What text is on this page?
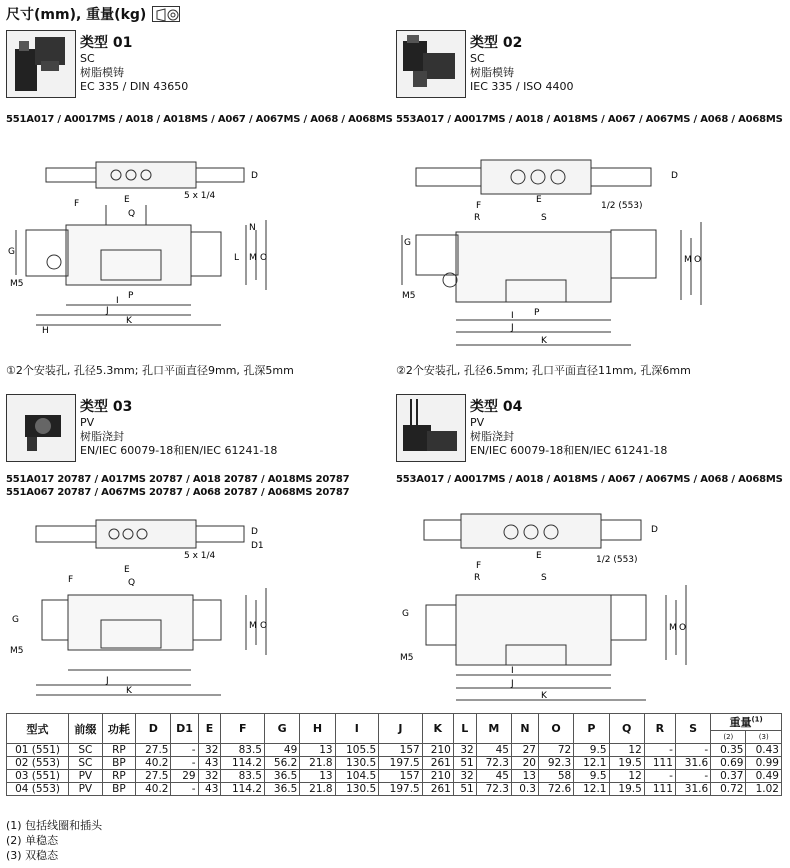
尺寸(mm), 重量(kg)
类型 01
SC
树脂模铸
EC 335 / DIN 43650
551A017 / A0017MS / A018 / A018MS / A067 / A067MS / A068 / A068MS
类型 02
SC
树脂模铸
IEC 335 / ISO 4400
553A017 / A0017MS / A018 / A018MS / A067 / A067MS / A068 / A068MS
5 x 1/4
M5
D
E
F
G
H
I
J
K
L M
N
O
P
Q
1/2 (553)
M5
D
E
F
G
I
J
K
M O
P
R	S
①2个安装孔, 孔径5.3mm; 孔口平面直径9mm, 孔深5mm	②2个安装孔, 孔径6.5mm; 孔口平面直径11mm, 孔深6mm
类型 03
PV
树脂浇封
EN/IEC 60079-18和EN/IEC 61241-18
551A017 20787 / A017MS 20787 / A018 20787 / A018MS 20787
551A067 20787 / A067MS 20787 / A068 20787 / A068MS 20787
类型 04
PV
树脂浇封
EN/IEC 60079-18和EN/IEC 61241-18
553A017 / A0017MS / A018 / A018MS / A067 / A067MS / A068 / A068MS
5 x 1/4
M5
D
D1
E
F
G
J
K
M O
Q
1/2 (553)
M5
D
E
F
G
I
J
K
M O
R	S
型式	前缀	功耗	D	D1	E	F	G	H	I	J	K	L	M	N	O	P	Q	R	S	重量$^{(1)}$
																				(2)	(3)
01 (551)	SC	RP	27.5	-	32	83.5	49	13	105.5	157	210	32	45	27	72	9.5	12	-	-	0.35	0.43
02 (553)	SC	BP	40.2	-	43	114.2	56.2	21.8	130.5	197.5	261	51	72.3	20	92.3	12.1	19.5	111	31.6	0.69	0.99
03 (551)	PV	RP	27.5	29	32	83.5	36.5	13	104.5	157	210	32	45	13	58	9.5	12	-	-	0.37	0.49
04 (553)	PV	BP	40.2	-	43	114.2	36.5	21.8	130.5	197.5	261	51	72.3	0.3	72.6	12.1	19.5	111	31.6	0.72	1.02
(1) 包括线圈和插头
(2) 单稳态
(3) 双稳态
